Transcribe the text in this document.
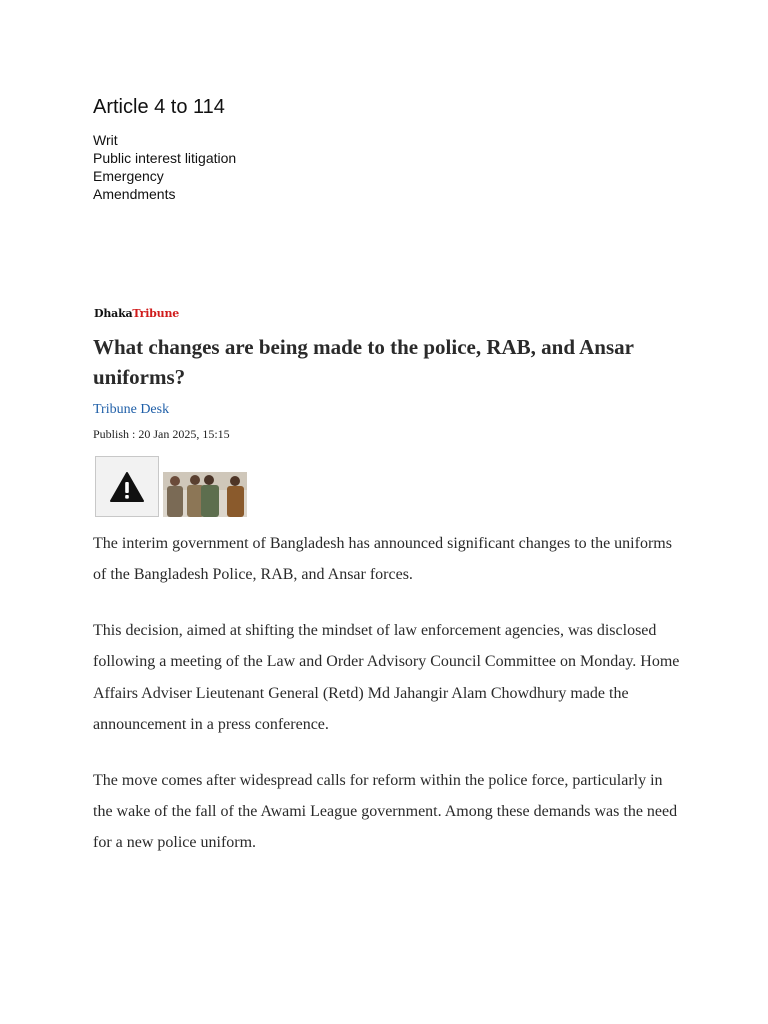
Article 4 to 114
Writ
Public interest litigation
Emergency
Amendments
DhakaTribune
What changes are being made to the police, RAB, and Ansar uniforms?
Tribune Desk
Publish : 20 Jan 2025, 15:15

The interim government of Bangladesh has announced significant changes to the uniforms of the Bangladesh Police, RAB, and Ansar forces.

This decision, aimed at shifting the mindset of law enforcement agencies, was disclosed following a meeting of the Law and Order Advisory Council Committee on Monday. Home Affairs Adviser Lieutenant General (Retd) Md Jahangir Alam Chowdhury made the announcement in a press conference.

The move comes after widespread calls for reform within the police force, particularly in the wake of the fall of the Awami League government. Among these demands was the need for a new police uniform.
